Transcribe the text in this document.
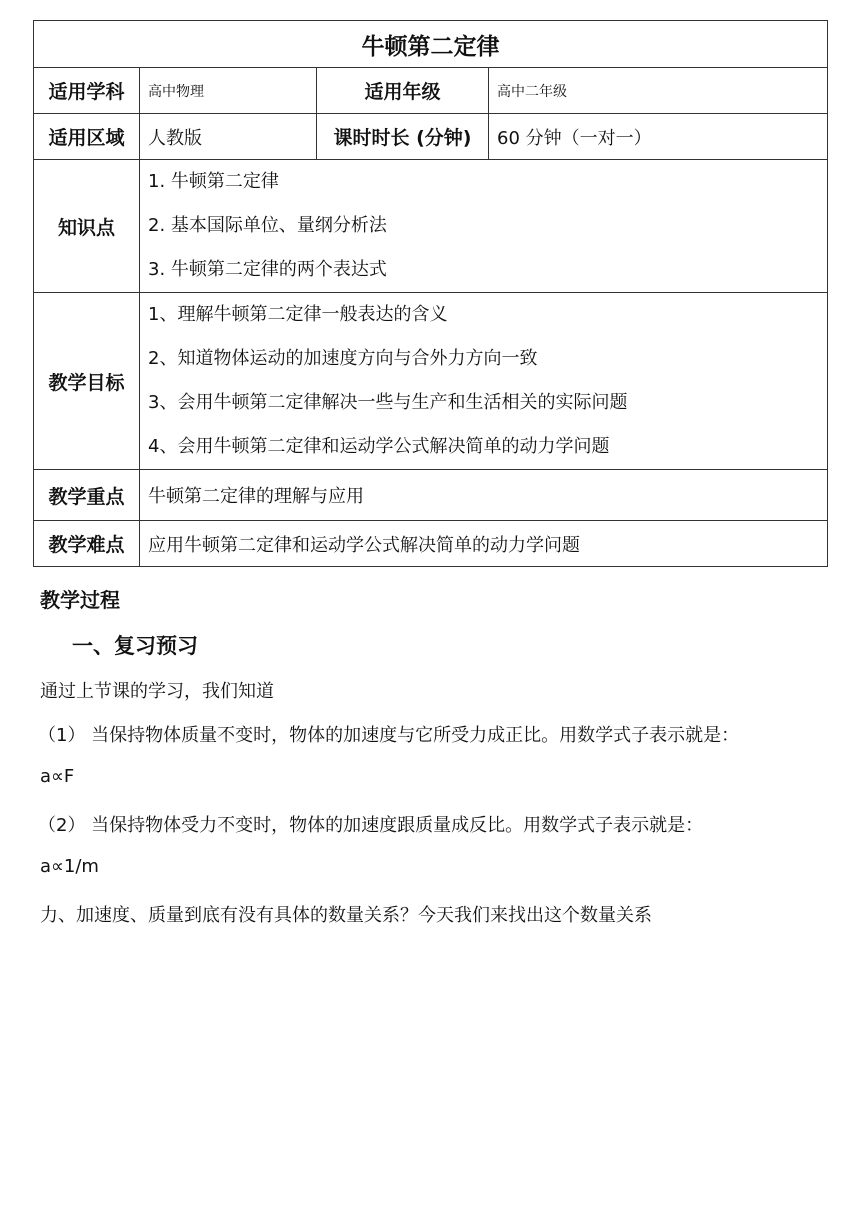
牛顿第二定律			
适用学科	高中物理	适用年级	高中二年级
适用区域	人教版	课时时长 (分钟)	60 分钟（一对一）
知识点	1. 牛顿第二定律
2. 基本国际单位、量纲分析法
3. 牛顿第二定律的两个表达式		

教学目标	1、理解牛顿第二定律一般表达的含义
2、知道物体运动的加速度方向与合外力方向一致
3、会用牛顿第二定律解决一些与生产和生活相关的实际问题
4、会用牛顿第二定律和运动学公式解决简单的动力学问题		

教学重点	牛顿第二定律的理解与应用		
教学难点	应用牛顿第二定律和运动学公式解决简单的动力学问题		
教学过程
一、复习预习
通过上节课的学习，我们知道
（1） 当保持物体质量不变时，物体的加速度与它所受力成正比。用数学式子表示就是：
a∝F
（2） 当保持物体受力不变时，物体的加速度跟质量成反比。用数学式子表示就是：
a∝1/m
力、加速度、质量到底有没有具体的数量关系？今天我们来找出这个数量关系
